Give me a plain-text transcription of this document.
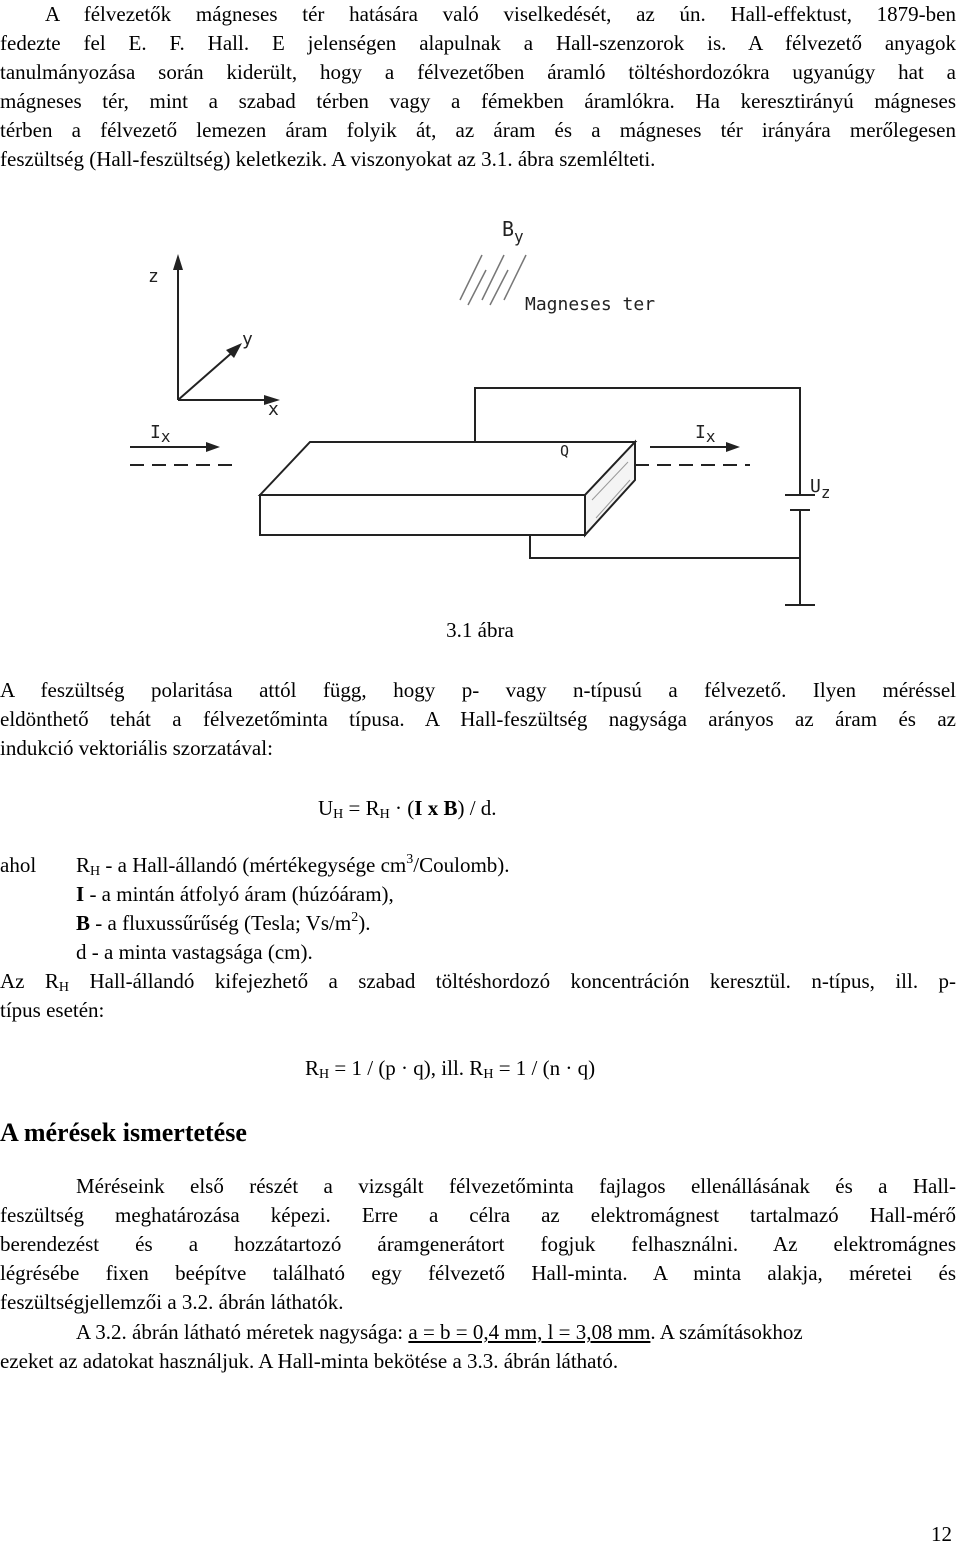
A félvezetők mágneses tér hatására való viselkedését, az ún. Hall-effektust, 1879-ben
fedezte fel E. F. Hall. E jelenségen alapulnak a Hall-szenzorok is. A félvezető anyagok
tanulmányozása során kiderült, hogy a félvezetőben áramló töltéshordozókra ugyanúgy hat a
mágneses tér, mint a szabad térben vagy a fémekben áramlókra. Ha keresztirányú mágneses
térben a félvezető lemezen áram folyik át, az áram és a mágneses tér irányára merőlegesen
feszültség (Hall-feszültség) keletkezik. A viszonyokat az 3.1. ábra szemlélteti.
z
y
x
$B_y$
Magneses ter
Ix	Ix
Q
Uz
3.1 ábra
A feszültség polaritása attól függ, hogy p- vagy n-típusú a félvezető. Ilyen méréssel
eldönthető tehát a félvezetőminta típusa. A Hall-feszültség nagysága arányos az áram és az
indukció vektoriális szorzatával:
$U_H = R_H \cdot (I$ x B) / d.
ahol $R_H$ - a Hall-állandó (mértékegysége $cm^3/Coulomb$).
I - a mintán átfolyó áram (húzóáram),
B - a fluxussűrűség (Tesla; $Vs/m^2$).
d - a minta vastagsága (cm).
Az $R_H$ Hall-állandó kifejezhető a szabad töltéshordozó koncentráción keresztül. n-típus, ill. p-
típus esetén:
$R_H = 1 / (p \cdot q)$, ill. $R_H = 1 / (n \cdot q)$
A mérések ismertetése
Méréseink első részét a vizsgált félvezetőminta fajlagos ellenállásának és a Hall-
feszültség meghatározása képezi. Erre a célra az elektromágnest tartalmazó Hall-mérő
berendezést és a hozzátartozó áramgenerátort fogjuk felhasználni. Az elektromágnes
légrésébe fixen beépítve található egy félvezető Hall-minta. A minta alakja, méretei és
feszültségjellemzői a 3.2. ábrán láthatók.
A 3.2. ábrán látható méretek nagysága: a = b = 0,4 mm, l = 3,08 mm. A számításokhoz
ezeket az adatokat használjuk. A Hall-minta bekötése a 3.3. ábrán látható.
12
